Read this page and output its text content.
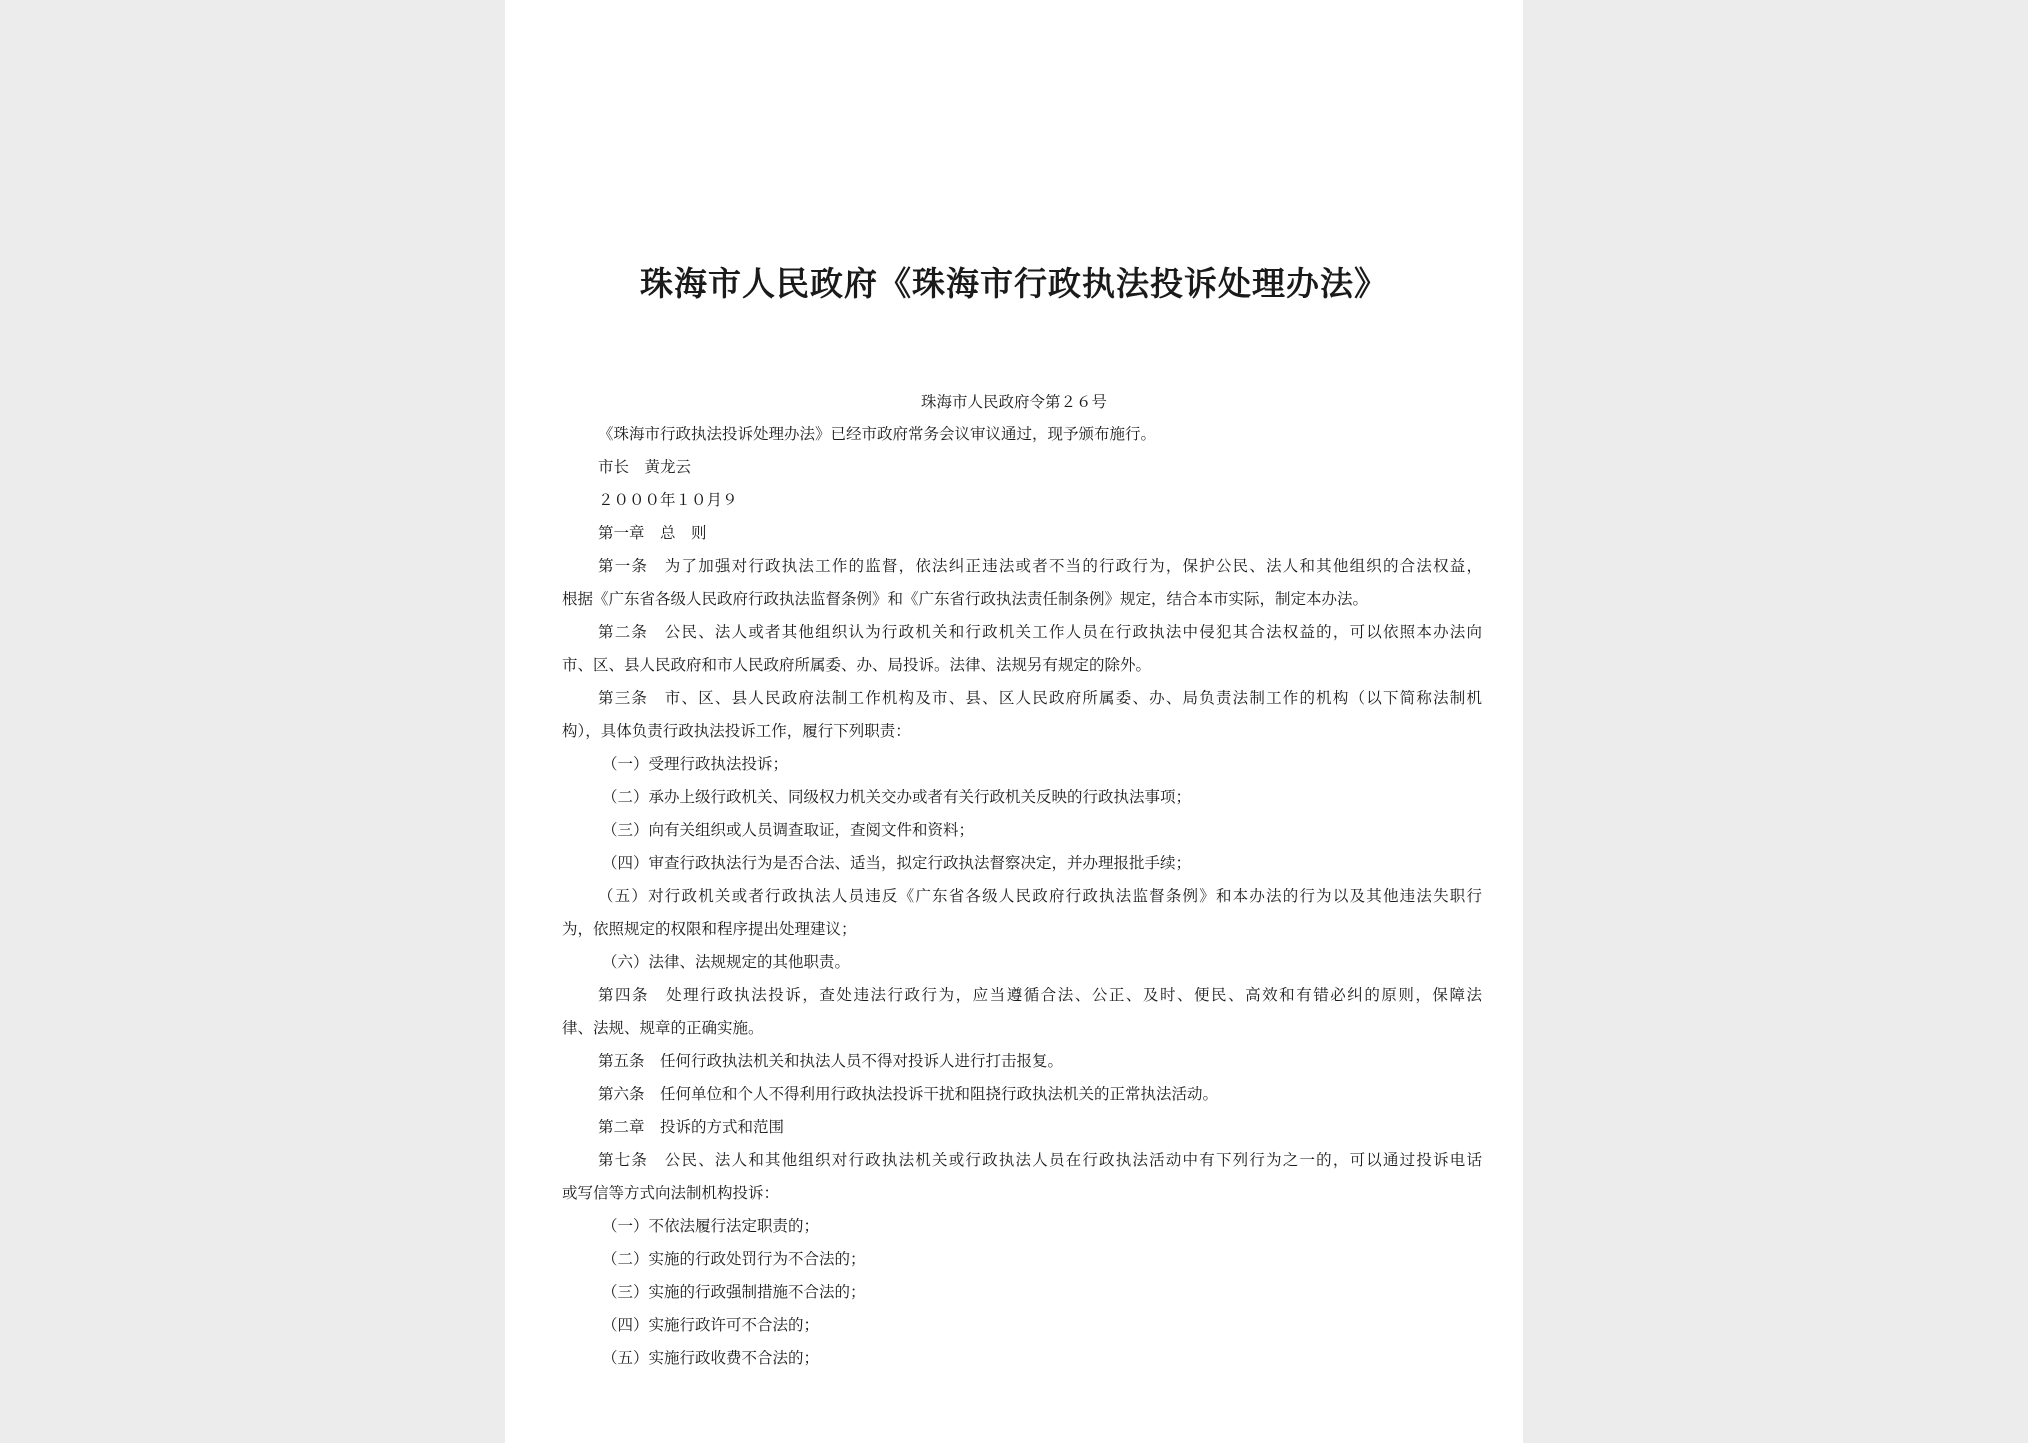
珠海市人民政府《珠海市行政执法投诉处理办法》
珠海市人民政府令第２６号
《珠海市行政执法投诉处理办法》已经市政府常务会议审议通过，现予颁布施行。
市长　黄龙云
２０００年１０月９
第一章　总　则
第一条　为了加强对行政执法工作的监督，依法纠正违法或者不当的行政行为，保护公民、法人和其他组织的合法权益，
根据《广东省各级人民政府行政执法监督条例》和《广东省行政执法责任制条例》规定，结合本市实际，制定本办法。
第二条　公民、法人或者其他组织认为行政机关和行政机关工作人员在行政执法中侵犯其合法权益的，可以依照本办法向
市、区、县人民政府和市人民政府所属委、办、局投诉。法律、法规另有规定的除外。
第三条　市、区、县人民政府法制工作机构及市、县、区人民政府所属委、办、局负责法制工作的机构（以下简称法制机
构），具体负责行政执法投诉工作，履行下列职责：
（一）受理行政执法投诉；
（二）承办上级行政机关、同级权力机关交办或者有关行政机关反映的行政执法事项；
（三）向有关组织或人员调查取证，查阅文件和资料；
（四）审查行政执法行为是否合法、适当，拟定行政执法督察决定，并办理报批手续；
（五）对行政机关或者行政执法人员违反《广东省各级人民政府行政执法监督条例》和本办法的行为以及其他违法失职行
为，依照规定的权限和程序提出处理建议；
（六）法律、法规规定的其他职责。
第四条　处理行政执法投诉，查处违法行政行为，应当遵循合法、公正、及时、便民、高效和有错必纠的原则，保障法
律、法规、规章的正确实施。
第五条　任何行政执法机关和执法人员不得对投诉人进行打击报复。
第六条　任何单位和个人不得利用行政执法投诉干扰和阻挠行政执法机关的正常执法活动。
第二章　投诉的方式和范围
第七条　公民、法人和其他组织对行政执法机关或行政执法人员在行政执法活动中有下列行为之一的，可以通过投诉电话
或写信等方式向法制机构投诉：
（一）不依法履行法定职责的；
（二）实施的行政处罚行为不合法的；
（三）实施的行政强制措施不合法的；
（四）实施行政许可不合法的；
（五）实施行政收费不合法的；
